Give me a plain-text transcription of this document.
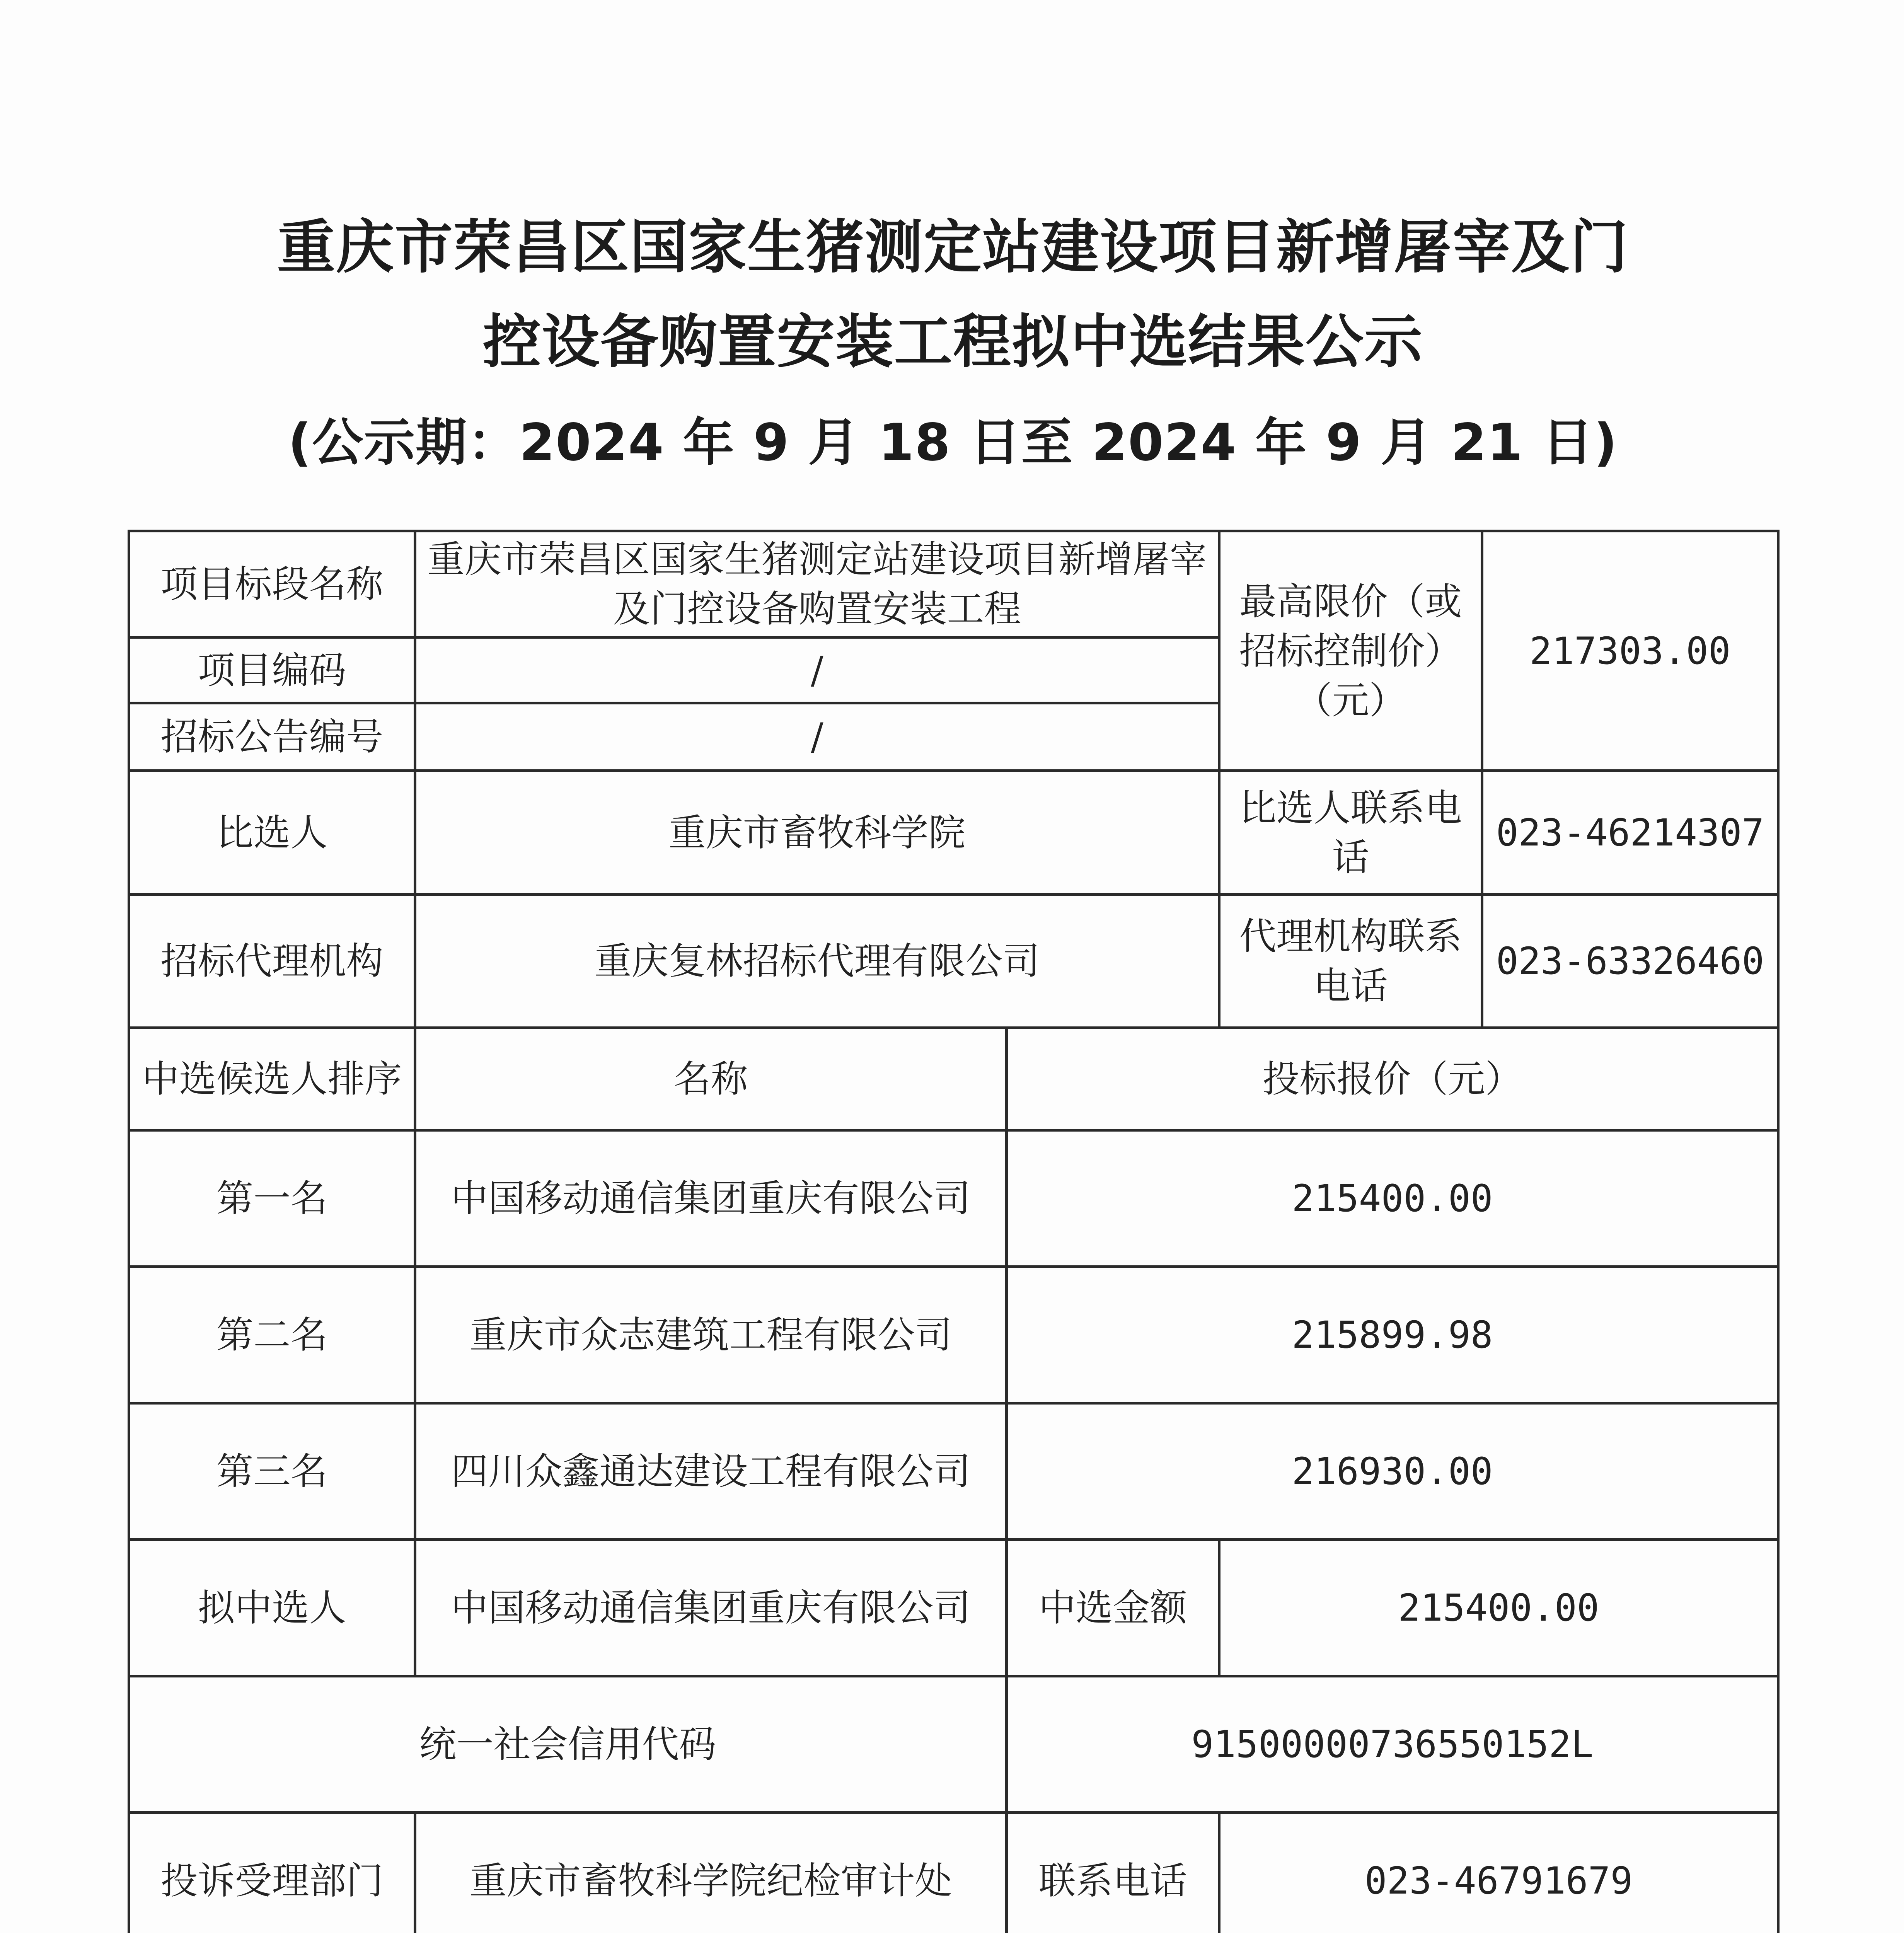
重庆市荣昌区国家生猪测定站建设项目新增屠宰及门
控设备购置安装工程拟中选结果公示
(公示期：2024 年 9 月 18 日至 2024 年 9 月 21 日)
项目标段名称	重庆市荣昌区国家生猪测定站建设项目新增屠宰及门控设备购置安装工程		最高限价（或招标控制价）（元）	217303.00
项目编码	/			
招标公告编号	/			
比选人	重庆市畜牧科学院		比选人联系电话	023-46214307
招标代理机构	重庆复林招标代理有限公司		代理机构联系电话	023-63326460
中选候选人排序	名称	投标报价（元）		
第一名	中国移动通信集团重庆有限公司	215400.00		
第二名	重庆市众志建筑工程有限公司	215899.98		
第三名	四川众鑫通达建设工程有限公司	216930.00		
拟中选人	中国移动通信集团重庆有限公司	中选金额	215400.00	
统一社会信用代码		91500000736550152L		
投诉受理部门	重庆市畜牧科学院纪检审计处	联系电话	023-46791679	
